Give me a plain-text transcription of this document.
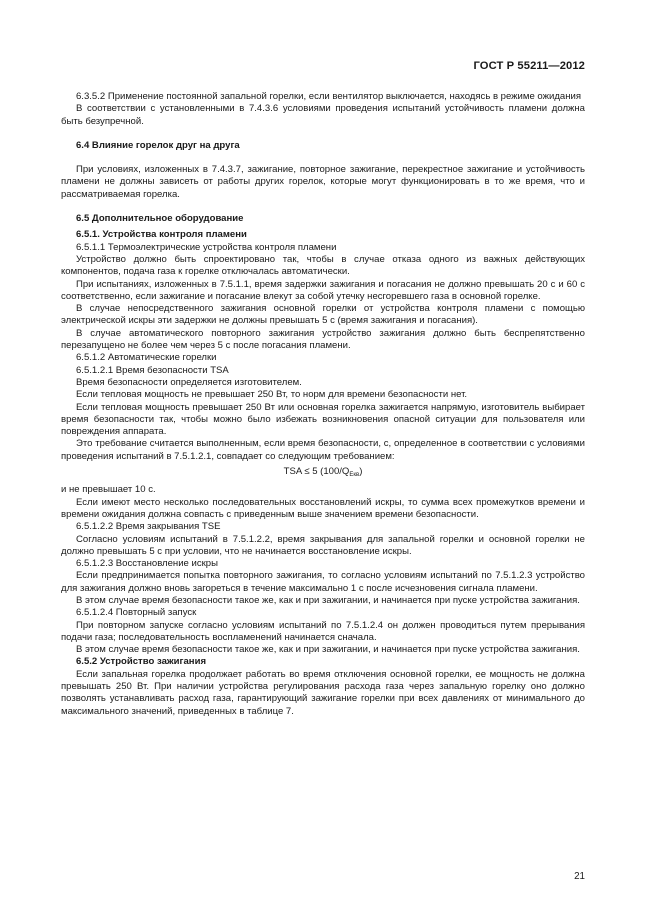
ГОСТ Р 55211—2012

6.3.5.2 Применение постоянной запальной горелки, если вентилятор выключается, находясь в режиме ожидания

В соответствии с установленными в 7.4.3.6 условиями проведения испытаний устойчивость пламени должна быть безупречной.

6.4 Влияние горелок друг на друга

При условиях, изложенных в 7.4.3.7, зажигание, повторное зажигание, перекрестное зажигание и устойчивость пламени не должны зависеть от работы других горелок, которые могут функционировать в то же время, что и рассматриваемая горелка.

6.5 Дополнительное оборудование
6.5.1. Устройства контроля пламени

6.5.1.1 Термоэлектрические устройства контроля пламени

Устройство должно быть спроектировано так, чтобы в случае отказа одного из важных действующих компонентов, подача газа к горелке отключалась автоматически.

При испытаниях, изложенных в 7.5.1.1, время задержки зажигания и погасания не должно превышать 20 с и 60 с соответственно, если зажигание и погасание влекут за собой утечку несгоревшего газа в основной горелке.

В случае непосредственного зажигания основной горелки от устройства контроля пламени с помощью электрической искры эти задержки не должны превышать 5 с (время зажигания и погасания).

В случае автоматического повторного зажигания устройство зажигания должно быть беспрепятственно перезапущено не более чем через 5 с после погасания пламени.

6.5.1.2 Автоматические горелки

6.5.1.2.1 Время безопасности TSA

Время безопасности определяется изготовителем.

Если тепловая мощность не превышает 250 Вт, то норм для времени безопасности нет.

Если тепловая мощность превышает 250 Вт или основная горелка зажигается напрямую, изготовитель выбирает время безопасности так, чтобы можно было избежать возникновения опасной ситуации для пользователя или повреждения аппарата.

Это требование считается выполненным, если время безопасности, с, определенное в соответствии с условиями проведения испытаний в 7.5.1.2.1, совпадает со следующим требованием:

TSA ≤ 5 $(100/Q_{Екв})$

и не превышает 10 с.

Если имеют место несколько последовательных восстановлений искры, то сумма всех промежутков времени и времени ожидания должна совпасть с приведенным выше значением времени безопасности.

6.5.1.2.2 Время закрывания TSE

Согласно условиям испытаний в 7.5.1.2.2, время закрывания для запальной горелки и основной горелки не должно превышать 5 с при условии, что не начинается восстановление искры.

6.5.1.2.3 Восстановление искры

Если предпринимается попытка повторного зажигания, то согласно условиям испытаний по 7.5.1.2.3 устройство для зажигания должно вновь загореться в течение максимально 1 с после исчезновения сигнала пламени.

В этом случае время безопасности такое же, как и при зажигании, и начинается при пуске устройства зажигания.

6.5.1.2.4 Повторный запуск

При повторном запуске согласно условиям испытаний по 7.5.1.2.4 он должен проводиться путем прерывания подачи газа; последовательность воспламенений начинается сначала.

В этом случае время безопасности такое же, как и при зажигании, и начинается при пуске устройства зажигания.

6.5.2 Устройство зажигания

Если запальная горелка продолжает работать во время отключения основной горелки, ее мощность не должна превышать 250 Вт. При наличии устройства регулирования расхода газа через запальную горелку оно должно позволять устанавливать расход газа, гарантирующий зажигание горелки при всех давлениях от минимального до максимального значений, приведенных в таблице 7.

21
